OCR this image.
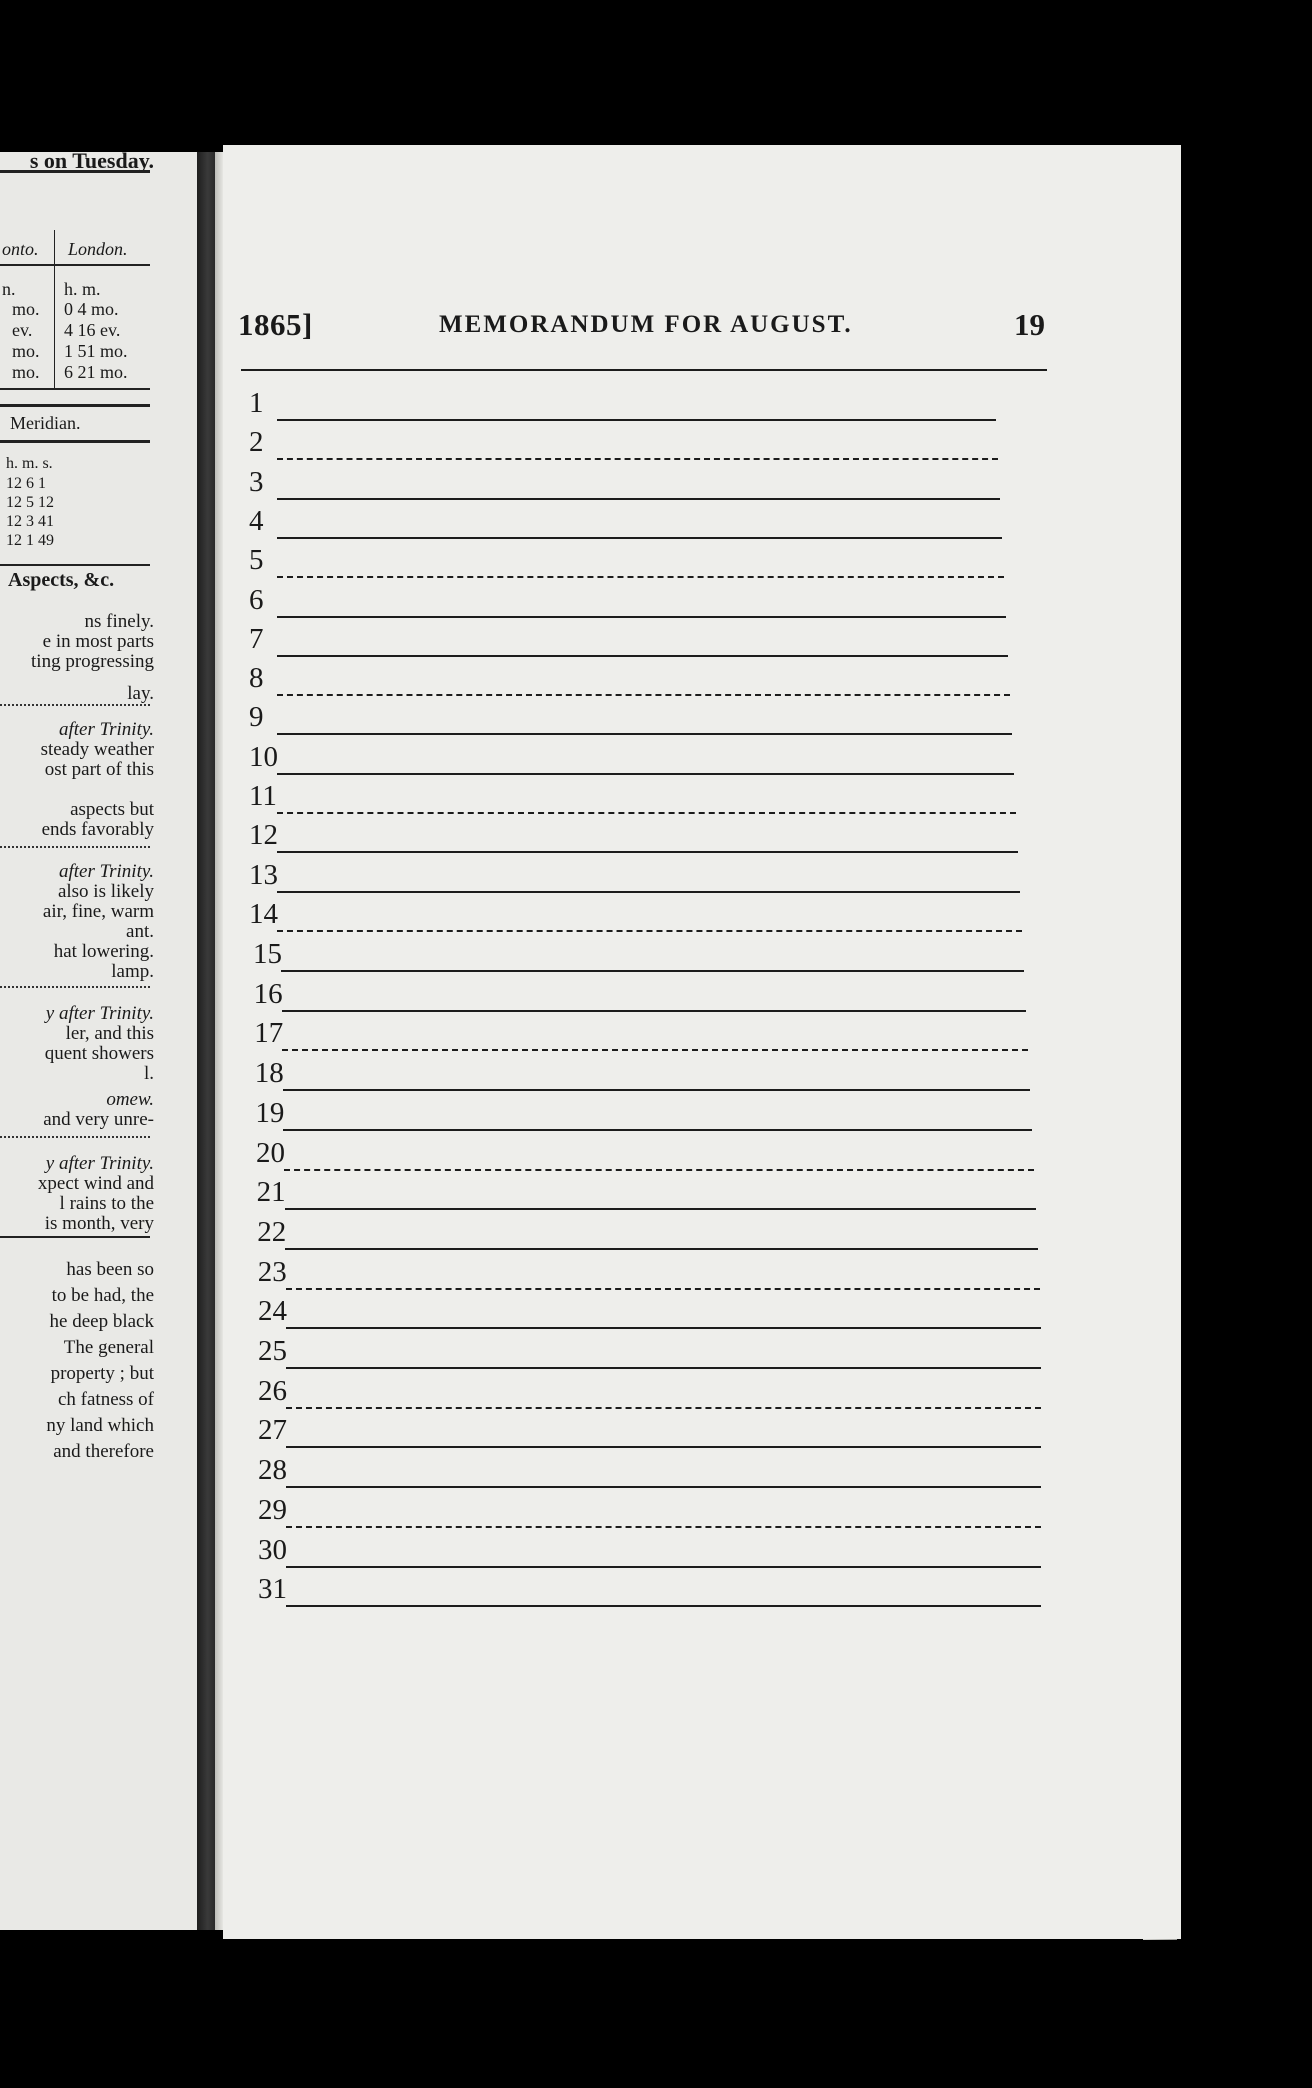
s on Tuesday.
onto. London.
n.	h. m.
mo. 0 4 mo.
ev. 4 16 ev.
mo. 1 51 mo.
mo. 6 21 mo.
Meridian.
h. m. s.
12 6 1
12 5 12
12 3 41
12 1 49
Aspects, &c.
ns finely.
e in most parts
ting progressing
lay.
after Trinity.
steady weather
ost part of this
aspects but
ends favorably
after Trinity.
also is likely
air, fine, warm
ant.
hat lowering.
lamp.
y after Trinity.
ler, and this
quent showers
l.
omew.
and very unre-
y after Trinity.
xpect wind and
l rains to the
is month, very
has been so
to be had, the
he deep black
The general
property ; but
ch fatness of
ny land which
and therefore
1865]	MEMORANDUM FOR AUGUST.	19
1
2
3
4
5
6
7
8
9
10
11
12
13
14
15
16
17
18
19
20
21
22
23
24
25
26
27
28
29
30
31
